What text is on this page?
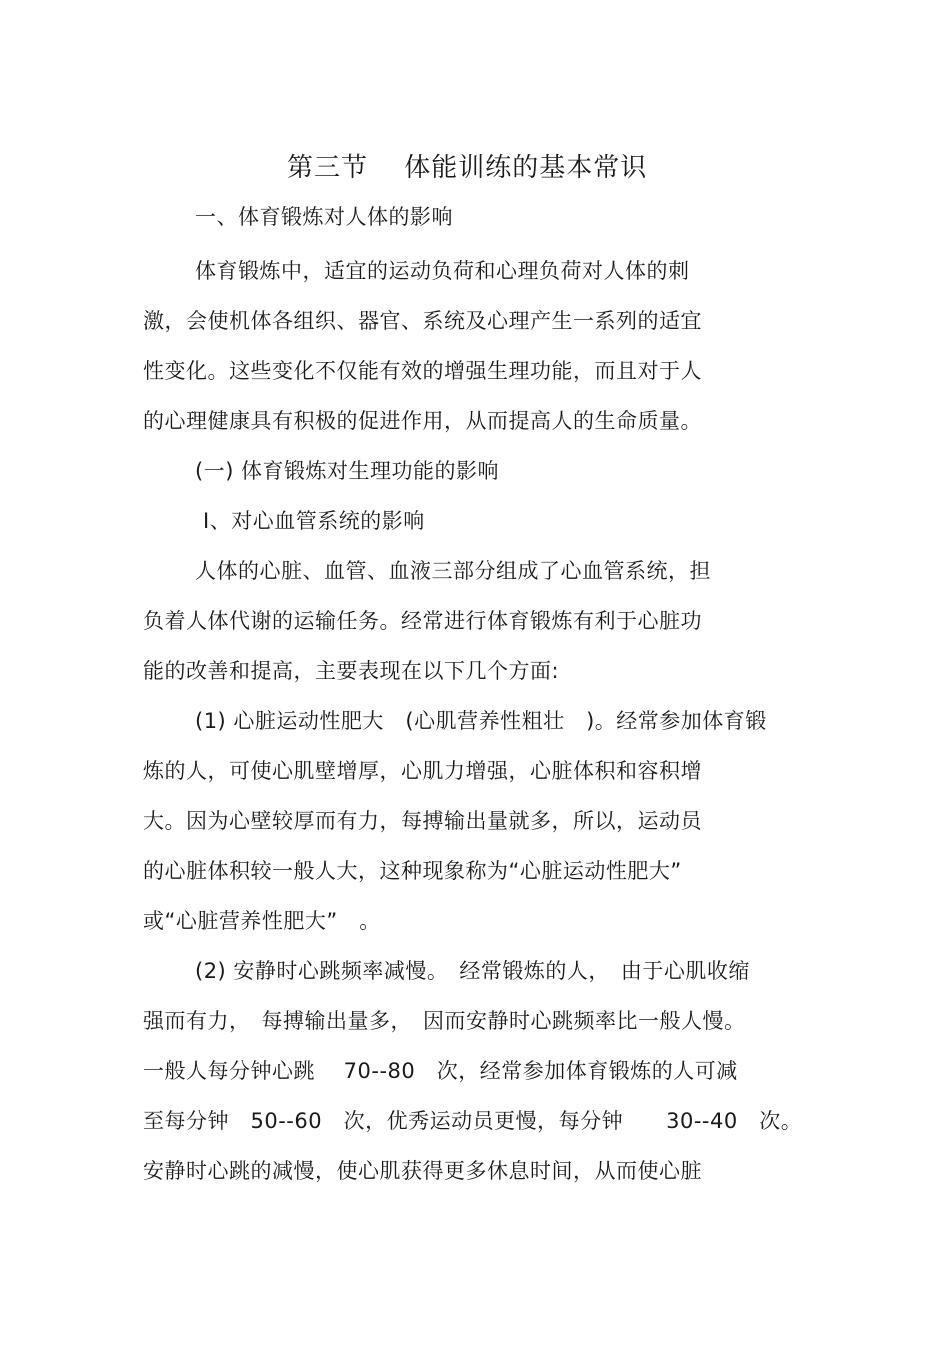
第三节　 体能训练的基本常识
一、体育锻炼对人体的影响
体育锻炼中，适宜的运动负荷和心理负荷对人体的刺
激，会使机体各组织、器官、系统及心理产生一系列的适宜
性变化。这些变化不仅能有效的增强生理功能，而且对于人
的心理健康具有积极的促进作用，从而提高人的生命质量。
(一) 体育锻炼对生理功能的影响
I、对心血管系统的影响
人体的心脏、血管、血液三部分组成了心血管系统，担
负着人体代谢的运输任务。经常进行体育锻炼有利于心脏功
能的改善和提高，主要表现在以下几个方面:
(1) 心脏运动性肥大　(心肌营养性粗壮　)。经常参加体育锻
炼的人，可使心肌壁增厚，心肌力增强，心脏体积和容积增
大。因为心壁较厚而有力，每搏输出量就多，所以，运动员
的心脏体积较一般人大，这种现象称为“心脏运动性肥大”
或“心脏营养性肥大”　。
(2) 安静时心跳频率减慢。　经常锻炼的人，　由于心肌收缩
强而有力，　每搏输出量多，　因而安静时心跳频率比一般人慢。
一般人每分钟心跳　 70--80　次，经常参加体育锻炼的人可减
至每分钟　50--60　次，优秀运动员更慢，每分钟　　30--40　次。
安静时心跳的减慢，使心肌获得更多休息时间，从而使心脏
